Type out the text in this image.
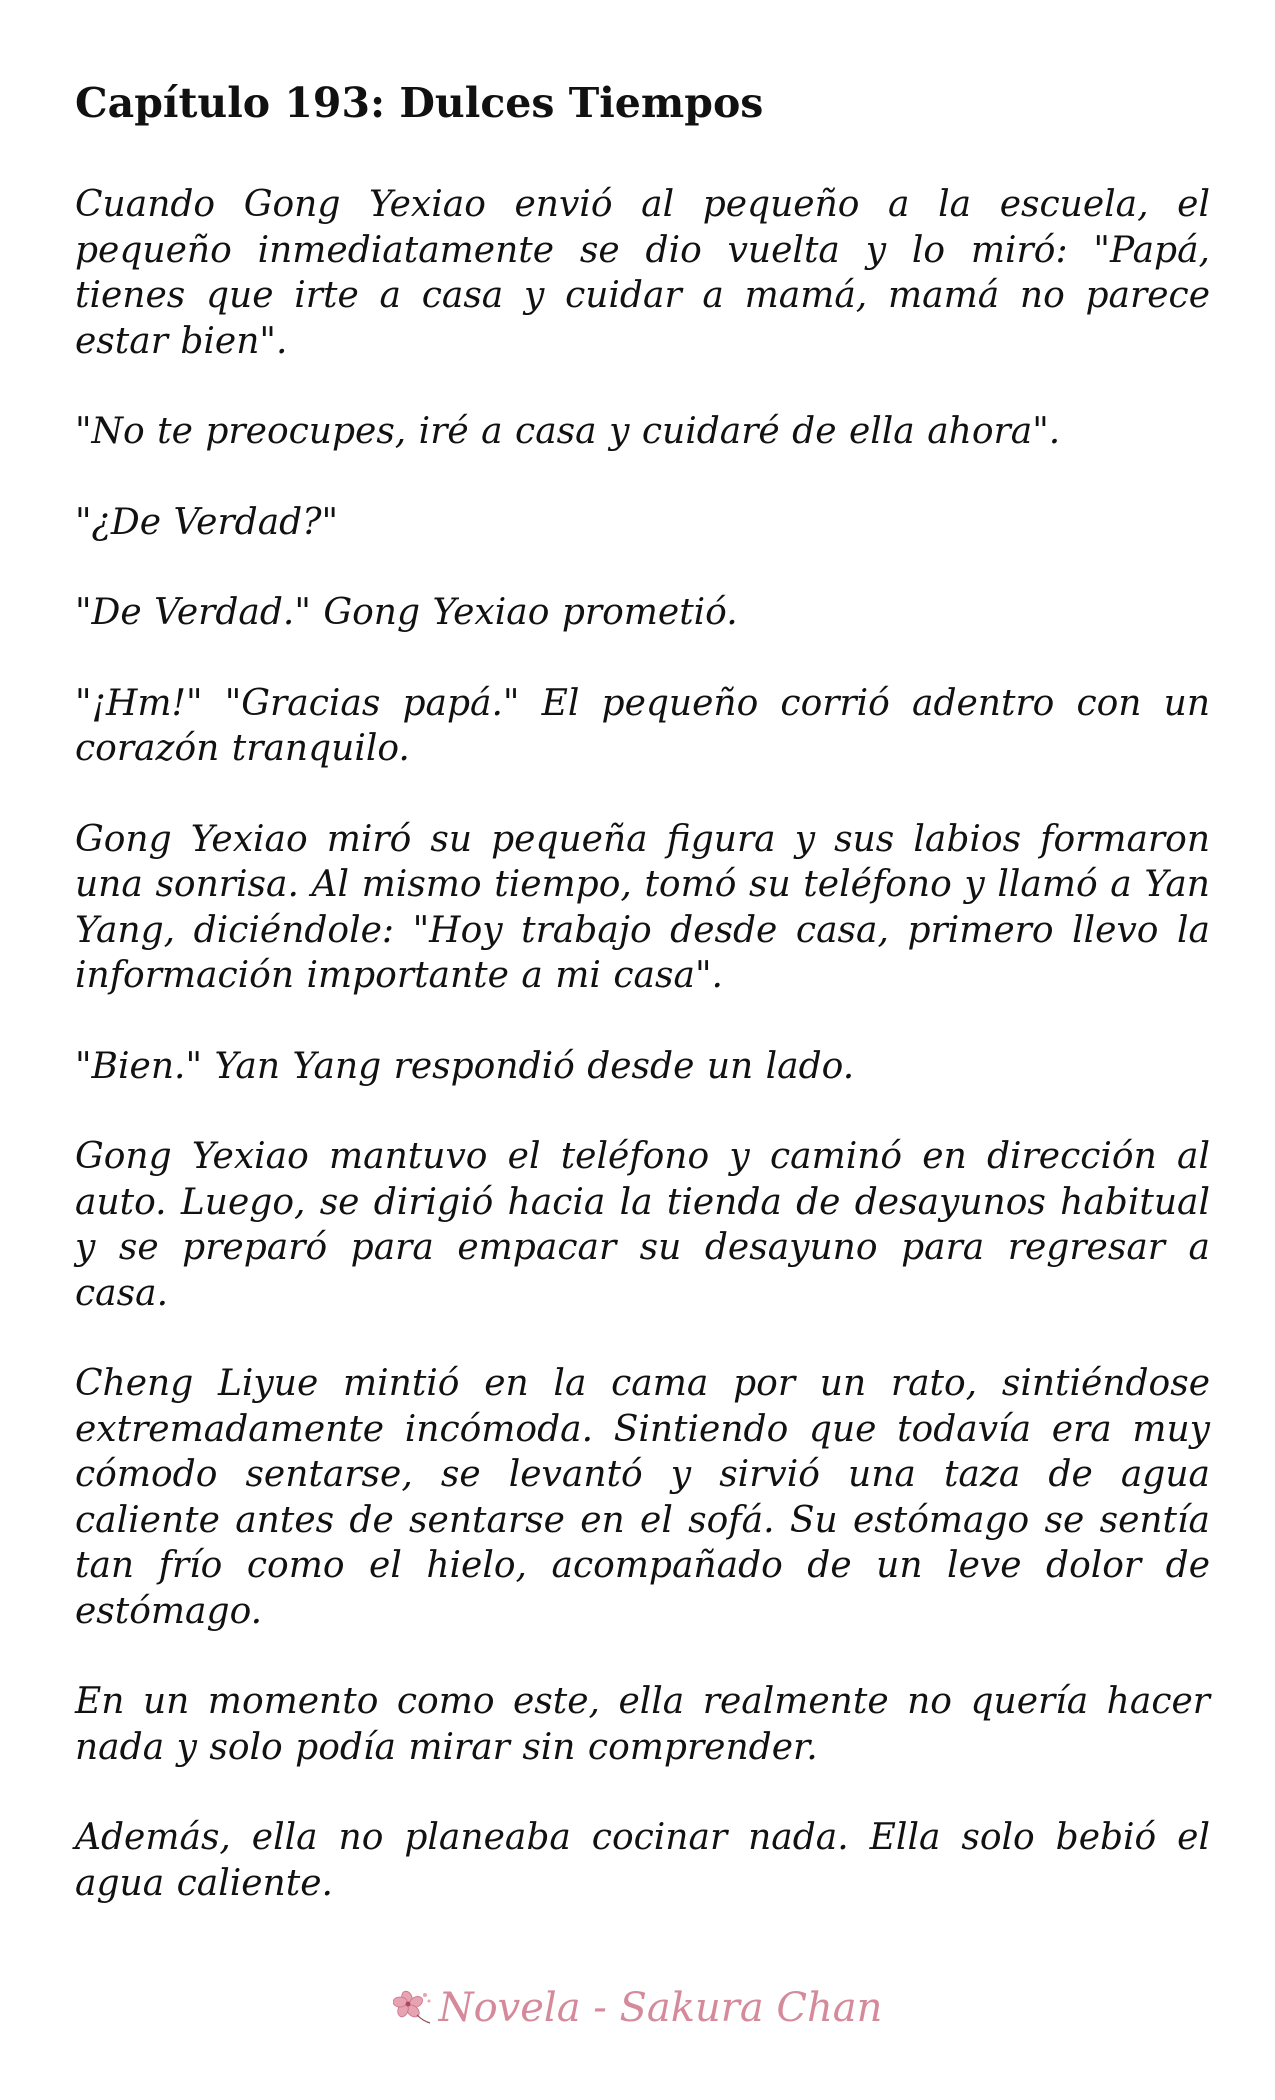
Capítulo 193: Dulces Tiempos

Cuando Gong Yexiao envió al pequeño a la escuela, el pequeño inmediatamente se dio vuelta y lo miró: "Papá, tienes que irte a casa y cuidar a mamá, mamá no parece estar bien".

"No te preocupes, iré a casa y cuidaré de ella ahora".

"¿De Verdad?"

"De Verdad." Gong Yexiao prometió.

"¡Hm!" "Gracias papá." El pequeño corrió adentro con un corazón tranquilo.

Gong Yexiao miró su pequeña figura y sus labios formaron una sonrisa. Al mismo tiempo, tomó su teléfono y llamó a Yan Yang, diciéndole: "Hoy trabajo desde casa, primero llevo la información importante a mi casa".

"Bien." Yan Yang respondió desde un lado.

Gong Yexiao mantuvo el teléfono y caminó en dirección al auto. Luego, se dirigió hacia la tienda de desayunos habitual y se preparó para empacar su desayuno para regresar a casa.

Cheng Liyue mintió en la cama por un rato, sintiéndose extremadamente incómoda. Sintiendo que todavía era muy cómodo sentarse, se levantó y sirvió una taza de agua caliente antes de sentarse en el sofá. Su estómago se sentía tan frío como el hielo, acompañado de un leve dolor de estómago.

En un momento como este, ella realmente no quería hacer nada y solo podía mirar sin comprender.

Además, ella no planeaba cocinar nada. Ella solo bebió el agua caliente.

Novela - Sakura Chan
